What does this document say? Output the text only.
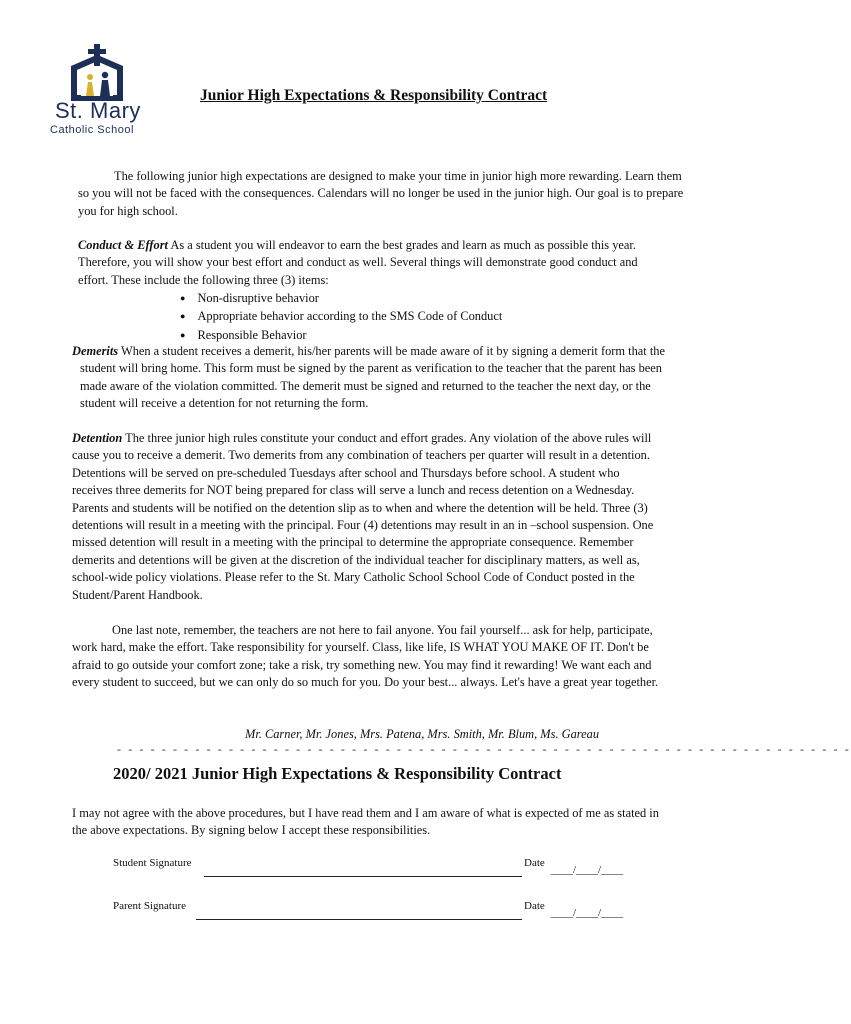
St. Mary
Catholic School
Junior High Expectations & Responsibility Contract
The following junior high expectations are designed to make your time in junior high more rewarding. Learn them so you will not be faced with the consequences. Calendars will no longer be used in the junior high. Our goal is to prepare you for high school.
Conduct & Effort As a student you will endeavor to earn the best grades and learn as much as possible this year. Therefore, you will show your best effort and conduct as well. Several things will demonstrate good conduct and effort. These include the following three (3) items:
● Non-disruptive behavior
● Appropriate behavior according to the SMS Code of Conduct
● Responsible Behavior
Demerits When a student receives a demerit, his/her parents will be made aware of it by signing a demerit form that the student will bring home. This form must be signed by the parent as verification to the teacher that the parent has been made aware of the violation committed. The demerit must be signed and returned to the teacher the next day, or the student will receive a detention for not returning the form.
Detention The three junior high rules constitute your conduct and effort grades. Any violation of the above rules will cause you to receive a demerit. Two demerits from any combination of teachers per quarter will result in a detention. Detentions will be served on pre-scheduled Tuesdays after school and Thursdays before school. A student who receives three demerits for NOT being prepared for class will serve a lunch and recess detention on a Wednesday. Parents and students will be notified on the detention slip as to when and where the detention will be held. Three (3) detentions will result in a meeting with the principal. Four (4) detentions may result in an in –school suspension. One missed detention will result in a meeting with the principal to determine the appropriate consequence. Remember demerits and detentions will be given at the discretion of the individual teacher for disciplinary matters, as well as, school-wide policy violations. Please refer to the St. Mary Catholic School School Code of Conduct posted in the Student/Parent Handbook.
One last note, remember, the teachers are not here to fail anyone. You fail yourself... ask for help, participate, work hard, make the effort. Take responsibility for yourself. Class, like life, IS WHAT YOU MAKE OF IT. Don't be afraid to go outside your comfort zone; take a risk, try something new. You may find it rewarding! We want each and every student to succeed, but we can only do so much for you. Do your best... always. Let's have a great year together.
Mr. Carner, Mr. Jones, Mrs. Patena, Mrs. Smith, Mr. Blum, Ms. Gareau
- - - - - - - - - - - - - - - - - - - - - - - - - - - - - - - - - - - - - - - - - - - - - - - - - - - - - - - - - - - - - - - - - -
2020/ 2021 Junior High Expectations & Responsibility Contract
I may not agree with the above procedures, but I have read them and I am aware of what is expected of me as stated in the above expectations. By signing below I accept these responsibilities.
Student Signature	Date
____/____/____
Parent Signature	Date
____/____/____
